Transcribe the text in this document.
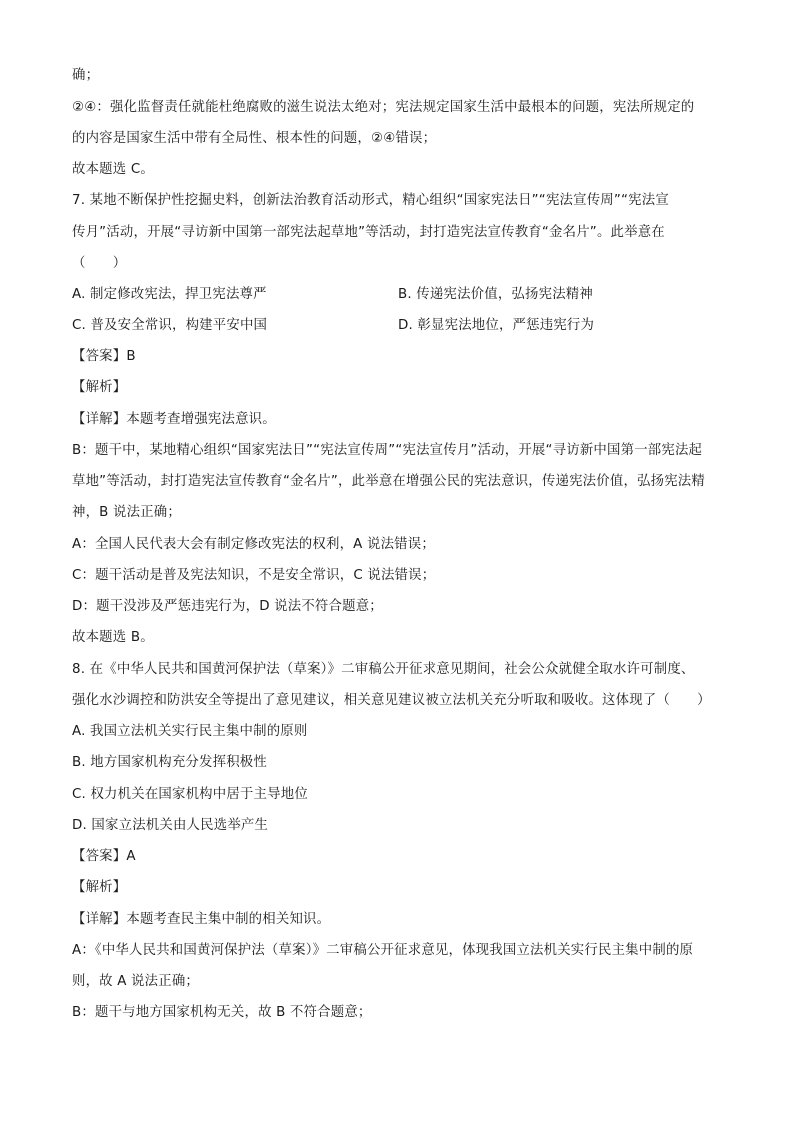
确；
②④：强化监督责任就能杜绝腐败的滋生说法太绝对；宪法规定国家生活中最根本的问题，宪法所规定的
的内容是国家生活中带有全局性、根本性的问题，②④错误；
故本题选 C。
7. 某地不断保护性挖掘史料，创新法治教育活动形式，精心组织“国家宪法日”“宪法宣传周”“宪法宣
传月”活动，开展“寻访新中国第一部宪法起草地”等活动，封打造宪法宣传教育“金名片”。此举意在
（　　）
A. 制定修改宪法，捍卫宪法尊严	B. 传递宪法价值，弘扬宪法精神
C. 普及安全常识，构建平安中国	D. 彰显宪法地位，严惩违宪行为
【答案】B
【解析】
【详解】本题考查增强宪法意识。
B：题干中，某地精心组织“国家宪法日”“宪法宣传周”“宪法宣传月”活动，开展“寻访新中国第一部宪法起
草地”等活动，封打造宪法宣传教育“金名片”，此举意在增强公民的宪法意识，传递宪法价值，弘扬宪法精
神，B 说法正确；
A：全国人民代表大会有制定修改宪法的权利，A 说法错误；
C：题干活动是普及宪法知识，不是安全常识，C 说法错误；
D：题干没涉及严惩违宪行为，D 说法不符合题意；
故本题选 B。
8. 在《中华人民共和国黄河保护法（草案）》二审稿公开征求意见期间，社会公众就健全取水许可制度、
强化水沙调控和防洪安全等提出了意见建议，相关意见建议被立法机关充分听取和吸收。这体现了（　　）
A. 我国立法机关实行民主集中制的原则
B. 地方国家机构充分发挥积极性
C. 权力机关在国家机构中居于主导地位
D. 国家立法机关由人民选举产生
【答案】A
【解析】
【详解】本题考查民主集中制的相关知识。
A：《中华人民共和国黄河保护法（草案）》二审稿公开征求意见，体现我国立法机关实行民主集中制的原
则，故 A 说法正确；
B：题干与地方国家机构无关，故 B 不符合题意；
